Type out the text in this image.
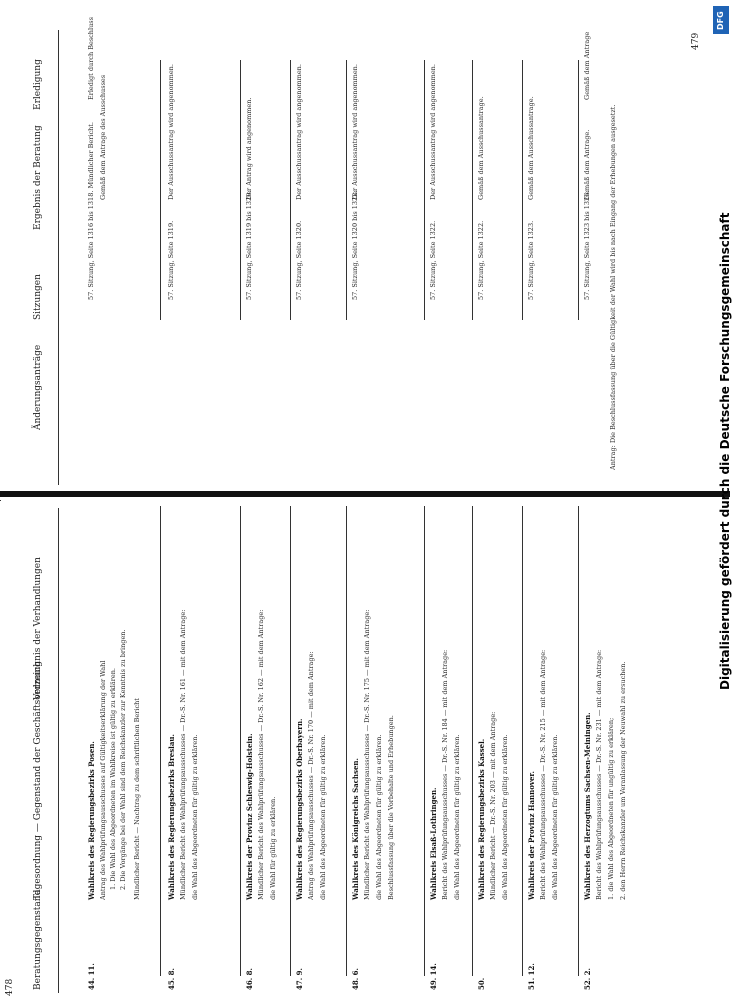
478
479
Beratungsgegenstand
Tagesordnung — Gegenstand der Geschäftsordnung
Verzeichnis der Verhandlungen
Änderungsanträge
Sitzungen
Ergebnis der Beratung
Erledigung
44. 11.
Wahlkreis des Regierungsbezirks Posen. Antrag des Wahlprüfungsausschusses auf Gültigkeitserklärung der Wahl 1. Die Wahl des Abgeordneten im Wahlkreise ist gültig zu erklären. 2. Die Vorgänge bei der Wahl sind dem Reichskanzler zur Kenntnis zu bringen. Mündlicher Bericht — Nachtrag zu dem schriftlichen Bericht
45. 8.
Wahlkreis des Regierungsbezirks Breslau. Mündlicher Bericht des Wahlprüfungsausschusses — Dr.-S. Nr. 161 — mit dem Antrage: die Wahl des Abgeordneten für gültig zu erklären.
46. 8.
Wahlkreis der Provinz Schleswig-Holstein. Mündlicher Bericht des Wahlprüfungsausschusses — Dr.-S. Nr. 162 — mit dem Antrage: die Wahl für gültig zu erklären.
47. 9.
Wahlkreis des Regierungsbezirks Oberbayern. Antrag des Wahlprüfungsausschusses — Dr.-S. Nr. 170 — mit dem Antrage: die Wahl des Abgeordneten für gültig zu erklären.
48. 6.
Wahlkreis des Königreichs Sachsen. Mündlicher Bericht des Wahlprüfungsausschusses — Dr.-S. Nr. 175 — mit dem Antrage: die Wahl des Abgeordneten für gültig zu erklären. Beschlussfassung über die Vorbehalte und Erhebungen.
49. 14.
Wahlkreis Elsaß-Lothringen. Bericht des Wahlprüfungsausschusses — Dr.-S. Nr. 184 — mit dem Antrage: die Wahl des Abgeordneten für gültig zu erklären.
50.
Wahlkreis des Regierungsbezirks Kassel. Mündlicher Bericht — Dr.-S. Nr. 203 — mit dem Antrage: die Wahl des Abgeordneten für gültig zu erklären.
51. 12.
Wahlkreis der Provinz Hannover. Bericht des Wahlprüfungsausschusses — Dr.-S. Nr. 215 — mit dem Antrage: die Wahl des Abgeordneten für gültig zu erklären.
52. 2.
Wahlkreis des Herzogtums Sachsen-Meiningen. Bericht des Wahlprüfungsausschusses — Dr.-S. Nr. 231 — mit dem Antrage: 1. die Wahl des Abgeordneten für ungültig zu erklären; 2. den Herrn Reichskanzler um Veranlassung der Neuwahl zu ersuchen.
57. Sitzung, Seite 1316 bis 1318. Mündlicher Bericht. Gemäß dem Antrage des Ausschusses
Erledigt durch Beschluss
57. Sitzung, Seite 1319.
Der Ausschussantrag wird angenommen.
57. Sitzung, Seite 1319 bis 1320.
Der Antrag wird angenommen.
57. Sitzung, Seite 1320.
Der Ausschussantrag wird angenommen.
57. Sitzung, Seite 1320 bis 1322.
Der Ausschussantrag wird angenommen.
57. Sitzung, Seite 1322.
Der Ausschussantrag wird angenommen.
57. Sitzung, Seite 1322.
Gemäß dem Ausschussantrage.
57. Sitzung, Seite 1323.
Gemäß dem Ausschussantrage.
57. Sitzung, Seite 1323 bis 1326.
Gemäß dem Antrage.
Gemäß dem Antrage
Antrag: Die Beschlussfassung über die Gültigkeit der Wahl wird bis nach Eingang der Erhebungen ausgesetzt.	Digitalisierung gefördert durch die Deutsche Forschungsgemeinschaft
DFG
